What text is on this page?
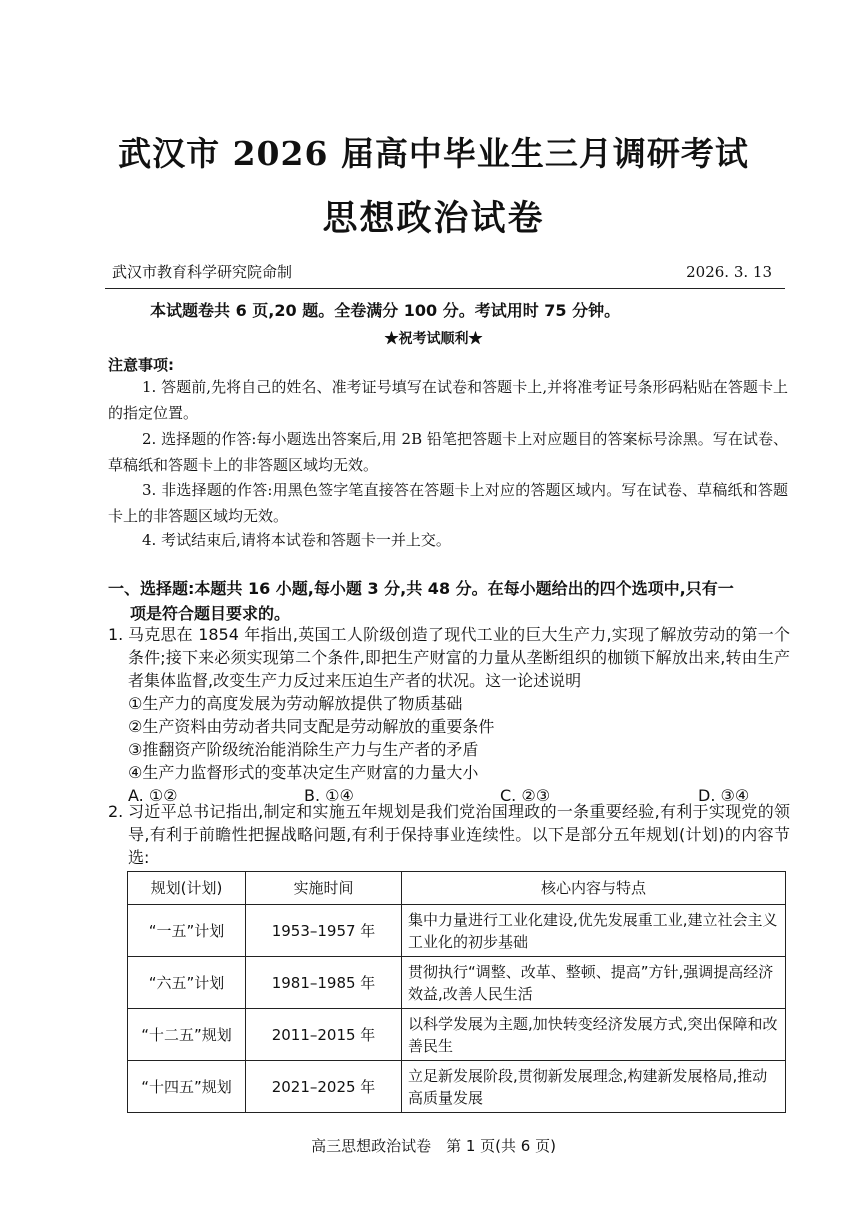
武汉市 2026 届高中毕业生三月调研考试
思想政治试卷
武汉市教育科学研究院命制	2026. 3. 13
本试题卷共 6 页,20 题。全卷满分 100 分。考试用时 75 分钟。
★祝考试顺利★
注意事项:
1. 答题前,先将自己的姓名、准考证号填写在试卷和答题卡上,并将准考证号条形码粘贴在答题卡上的指定位置。
2. 选择题的作答:每小题选出答案后,用 2B 铅笔把答题卡上对应题目的答案标号涂黑。写在试卷、草稿纸和答题卡上的非答题区域均无效。
3. 非选择题的作答:用黑色签字笔直接答在答题卡上对应的答题区域内。写在试卷、草稿纸和答题卡上的非答题区域均无效。
4. 考试结束后,请将本试卷和答题卡一并上交。
一、选择题:本题共 16 小题,每小题 3 分,共 48 分。在每小题给出的四个选项中,只有一
项是符合题目要求的。
1. 马克思在 1854 年指出,英国工人阶级创造了现代工业的巨大生产力,实现了解放劳动的第一个条件;接下来必须实现第二个条件,即把生产财富的力量从垄断组织的枷锁下解放出来,转由生产者集体监督,改变生产力反过来压迫生产者的状况。这一论述说明
①生产力的高度发展为劳动解放提供了物质基础
②生产资料由劳动者共同支配是劳动解放的重要条件
③推翻资产阶级统治能消除生产力与生产者的矛盾
④生产力监督形式的变革决定生产财富的力量大小
A. ①②	B. ①④	C. ②③	D. ③④
2. 习近平总书记指出,制定和实施五年规划是我们党治国理政的一条重要经验,有利于实现党的领导,有利于前瞻性把握战略问题,有利于保持事业连续性。以下是部分五年规划(计划)的内容节选:
规划(计划)	实施时间	核心内容与特点
“一五”计划	1953–1957 年	集中力量进行工业化建设,优先发展重工业,建立社会主义工业化的初步基础
“六五”计划	1981–1985 年	贯彻执行“调整、改革、整顿、提高”方针,强调提高经济效益,改善人民生活
“十二五”规划	2011–2015 年	以科学发展为主题,加快转变经济发展方式,突出保障和改善民生
“十四五”规划	2021–2025 年	立足新发展阶段,贯彻新发展理念,构建新发展格局,推动高质量发展
高三思想政治试卷　第 1 页(共 6 页)
